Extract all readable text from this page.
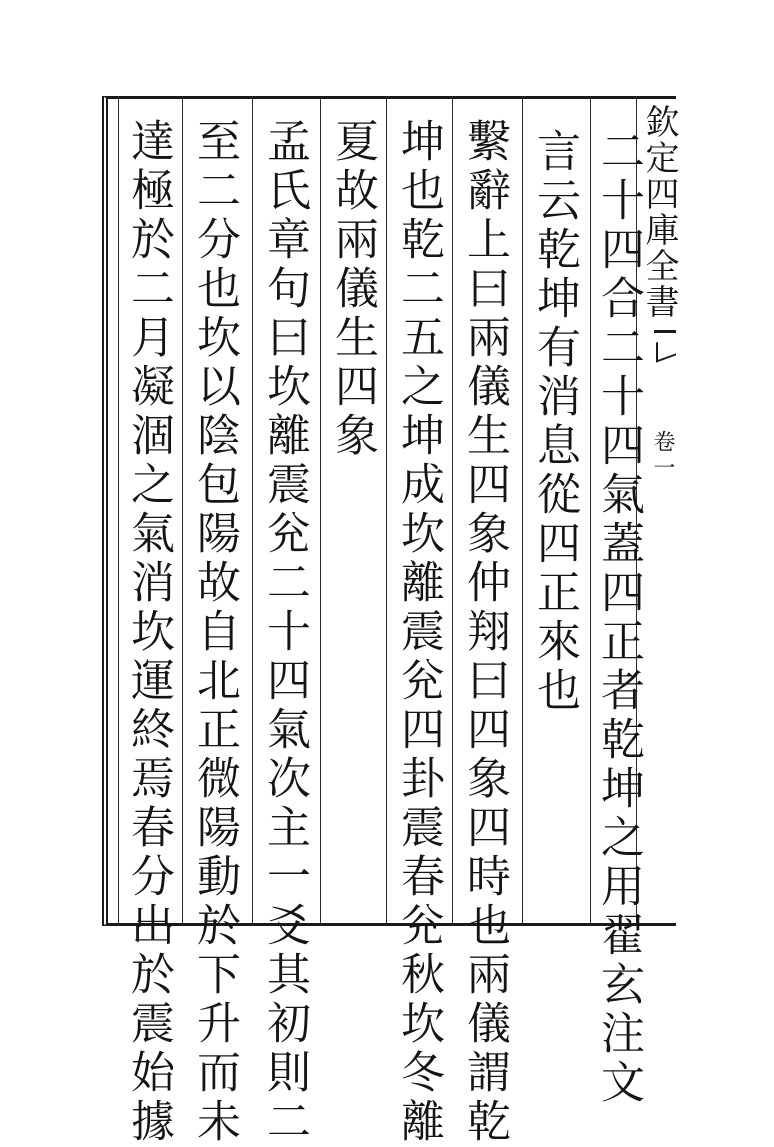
欽定四庫全書
卷一
二十四合二十四氣蓋四正者乾坤之用翟玄注文
言云乾坤有消息從四正來也
繫辭上曰兩儀生四象仲翔曰四象四時也兩儀謂乾
坤也乾二五之坤成坎離震兊四卦震春兊秋坎冬離
夏故兩儀生四象
孟氏章句曰坎離震兊二十四氣次主一爻其初則二
至二分也坎以陰包陽故自北正微陽動於下升而未
達極於二月凝涸之氣消坎運終焉春分出於震始據
